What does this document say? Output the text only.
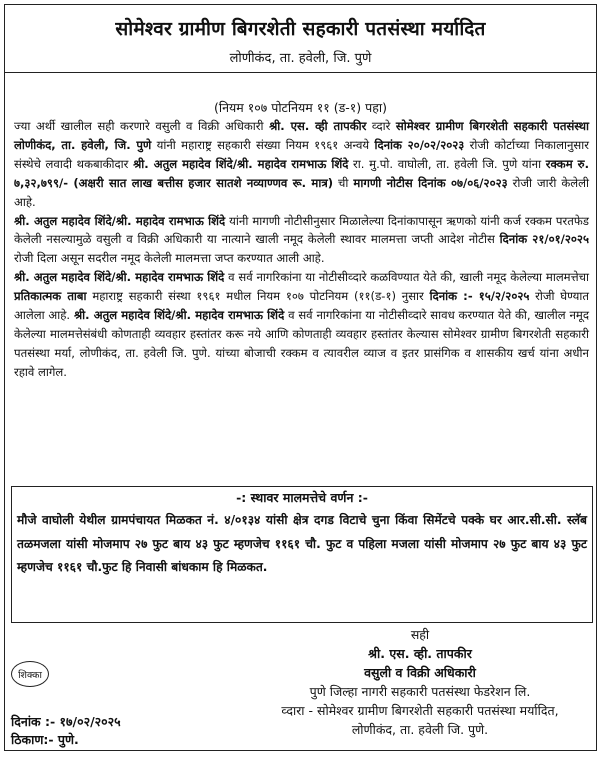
सोमेश्वर ग्रामीण बिगरशेती सहकारी पतसंस्था मर्यादित
लोणीकंद, ता. हवेली, जि. पुणे
(नियम १०७ पोटनियम ११ (ड-१) पहा)

ज्या अर्थी खालील सही करणारे वसुली व विक्री अधिकारी श्री. एस. व्ही तापकीर व्दारे सोमेश्वर ग्रामीण बिगरशेती सहकारी पतसंस्था लोणीकंद, ता. हवेली, जि. पुणे यांनी महाराष्ट्र सहकारी संख्या नियम १९६१ अन्वये दिनांक २०/०२/२०२३ रोजी कोर्टाच्या निकालानुसार संस्थेचे लवादी थकबाकीदार श्री. अतुल महादेव शिंदे/श्री. महादेव रामभाऊ शिंदे रा. मु.पो. वाघोली, ता. हवेली जि. पुणे यांना रक्कम रु. ७,३२,७९९/- (अक्षरी सात लाख बत्तीस हजार सातशे नव्याण्णव रू. मात्र) ची मागणी नोटीस दिनांक ०७/०६/२०२३ रोजी जारी केलेली आहे.

श्री. अतुल महादेव शिंदे/श्री. महादेव रामभाऊ शिंदे यांनी मागणी नोटीसीनुसार मिळालेल्या दिनांकापासून ऋणको यांनी कर्ज रक्कम परतफेड केलेली नसल्यामुळे वसुली व विक्री अधिकारी या नात्याने खाली नमूद केलेली स्थावर मालमत्ता जप्ती आदेश नोटीस दिनांक २१/०१/२०२५ रोजी दिला असून सदरील नमूद केलेली मालमत्ता जप्त करण्यात आली आहे.

श्री. अतुल महादेव शिंदे/श्री. महादेव रामभाऊ शिंदे व सर्व नागरिकांना या नोटीसीव्दारे कळविण्यात येते की, खाली नमूद केलेल्या मालमत्तेचा प्रतिकात्मक ताबा महाराष्ट्र सहकारी संस्था १९६१ मधील नियम १०७ पोटनियम (११(ड-१) नुसार दिनांक :- १५/२/२०२५ रोजी घेण्यात आलेला आहे. श्री. अतुल महादेव शिंदे/श्री. महादेव रामभाऊ शिंदे व सर्व नागरिकांना या नोटीसीव्दारे सावध करण्यात येते की, खालील नमूद केलेल्या मालमत्तेसंबंधी कोणताही व्यवहार हस्तांतर करू नये आणि कोणताही व्यवहार हस्तांतर केल्यास सोमेश्वर ग्रामीण बिगरशेती सहकारी पतसंस्था मर्या, लोणीकंद, ता. हवेली जि. पुणे. यांच्या बोजाची रक्कम व त्यावरील व्याज व इतर प्रासंगिक व शासकीय खर्च यांना अधीन रहावे लागेल.

-: स्थावर मालमत्तेचे वर्णन :-
मौजे वाघोली येथील ग्रामपंचायत मिळकत नं. ४/०१३४ यांसी क्षेत्र दगड विटाचे चुना किंवा सिमेंटचे पक्के घर आर.सी.सी. स्लॅब तळमजला यांसी मोजमाप २७ फुट बाय ४३ फुट म्हणजेच ११६१ चौ. फुट व पहिला मजला यांसी मोजमाप २७ फुट बाय ४३ फुट म्हणजेच ११६१ चौ.फुट हि निवासी बांधकाम हि मिळकत.
सही
श्री. एस. व्ही. तापकीर
वसुली व विक्री अधिकारी
पुणे जिल्हा नागरी सहकारी पतसंस्था फेडरेशन लि.
व्दारा - सोमेश्वर ग्रामीण बिगरशेती सहकारी पतसंस्था मर्यादित,
लोणीकंद, ता. हवेली जि. पुणे.
शिक्का
दिनांक :- १७/०२/२०२५
ठिकाण:- पुणे.
